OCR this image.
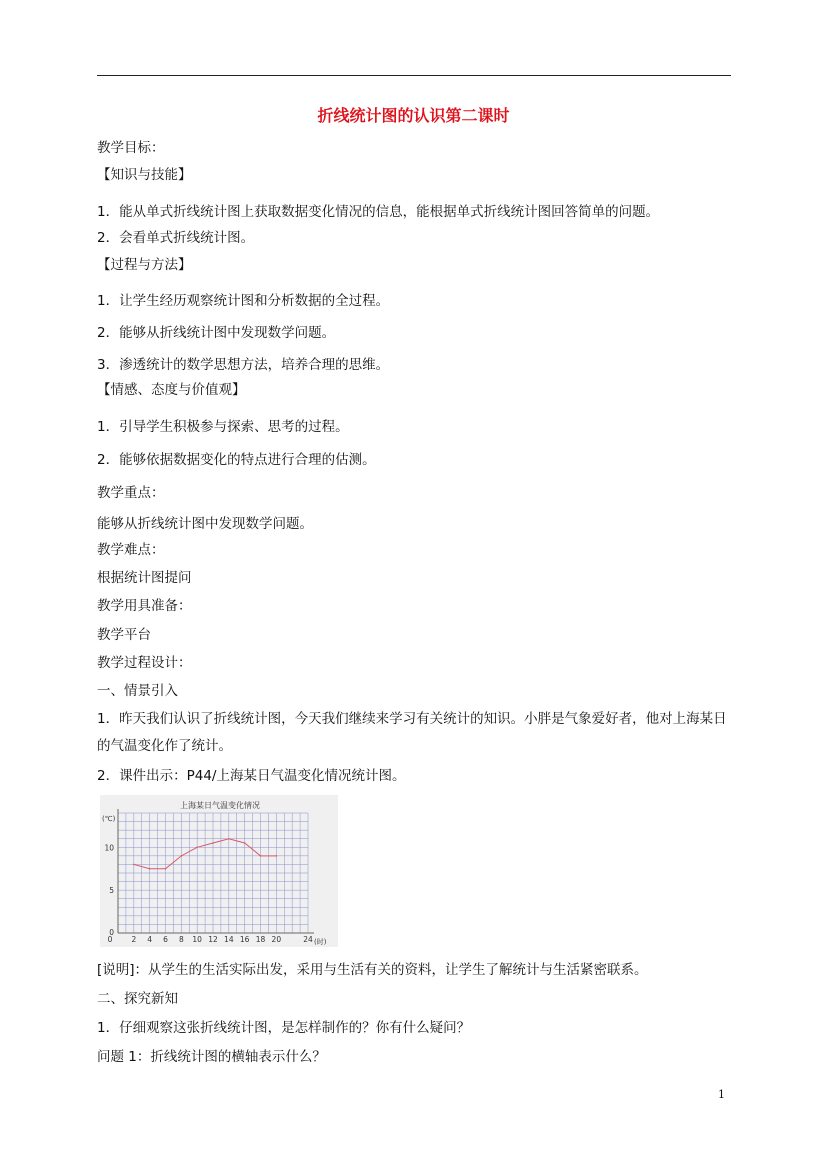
折线统计图的认识第二课时
教学目标：
【知识与技能】
1．能从单式折线统计图上获取数据变化情况的信息，能根据单式折线统计图回答简单的问题。
2．会看单式折线统计图。
【过程与方法】
1．让学生经历观察统计图和分析数据的全过程。
2．能够从折线统计图中发现数学问题。
3．渗透统计的数学思想方法，培养合理的思维。
【情感、态度与价值观】
1．引导学生积极参与探索、思考的过程。
2．能够依据数据变化的特点进行合理的估测。
教学重点：
能够从折线统计图中发现数学问题。
教学难点：
根据统计图提问
教学用具准备：
教学平台
教学过程设计：
一、情景引入
1．昨天我们认识了折线统计图，今天我们继续来学习有关统计的知识。小胖是气象爱好者，他对上海某日的气温变化作了统计。
2．课件出示：P44/上海某日气温变化情况统计图。
上海某日气温变化情况
(℃)
(时)
0	2 4 6 8 10 12 14 16 18 20	24
0
5
10
[说明]：从学生的生活实际出发，采用与生活有关的资料，让学生了解统计与生活紧密联系。
二、探究新知
1．仔细观察这张折线统计图，是怎样制作的？你有什么疑问？
问题 1：折线统计图的横轴表示什么？
1
